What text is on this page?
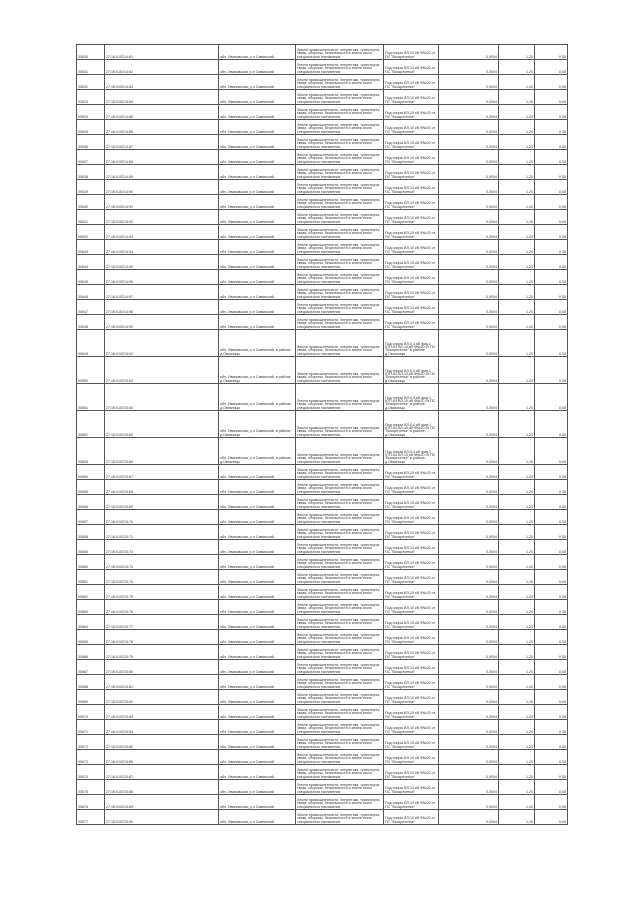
00630	27:16:010214:81	обл. Ивановская, р-н Савинский	Земли промышленности, энергетики, транспорта, связи, обороны, безопасности и земли иного специального назначения	Под опоры ВЛ-10 кВ Ф№20 от ПС "Воскресенье"	0,0004	1,20	0,05
00631	27:16:010214:82	обл. Ивановская, р-н Савинский	Земли промышленности, энергетики, транспорта, связи, обороны, безопасности и земли иного специального назначения	Под опоры ВЛ-10 кВ Ф№20 от ПС "Воскресенье"	0,0004	1,20	0,05
00632	27:16:010214:83	обл. Ивановская, р-н Савинский	Земли промышленности, энергетики, транспорта, связи, обороны, безопасности и земли иного специального назначения	Под опоры ВЛ-10 кВ Ф№20 от ПС "Воскресенье"	0,0004	1,20	0,05
00633	27:16:010214:84	обл. Ивановская, р-н Савинский	Земли промышленности, энергетики, транспорта, связи, обороны, безопасности и земли иного специального назначения	Под опоры ВЛ-10 кВ Ф№20 от ПС "Воскресенье"	0,0004	1,20	0,05
00634	27:16:010214:85	обл. Ивановская, р-н Савинский	Земли промышленности, энергетики, транспорта, связи, обороны, безопасности и земли иного специального назначения	Под опоры ВЛ-10 кВ Ф№20 от ПС "Воскресенье"	0,0004	1,20	0,05
00635	27:16:010214:86	обл. Ивановская, р-н Савинский	Земли промышленности, энергетики, транспорта, связи, обороны, безопасности и земли иного специального назначения	Под опоры ВЛ-10 кВ Ф№20 от ПС "Воскресенье"	0,0004	1,20	0,05
00636	27:16:010214:87	обл. Ивановская, р-н Савинский	Земли промышленности, энергетики, транспорта, связи, обороны, безопасности и земли иного специального назначения	Под опоры ВЛ-10 кВ Ф№20 от ПС "Воскресенье"	0,0004	1,20	0,05
00637	27:16:010214:88	обл. Ивановская, р-н Савинский	Земли промышленности, энергетики, транспорта, связи, обороны, безопасности и земли иного специального назначения	Под опоры ВЛ-10 кВ Ф№20 от ПС "Воскресенье"	0,0004	1,20	0,05
00638	27:16:010214:89	обл. Ивановская, р-н Савинский	Земли промышленности, энергетики, транспорта, связи, обороны, безопасности и земли иного специального назначения	Под опоры ВЛ-10 кВ Ф№20 от ПС "Воскресенье"	0,0004	1,20	0,05
00639	27:16:010214:90	обл. Ивановская, р-н Савинский	Земли промышленности, энергетики, транспорта, связи, обороны, безопасности и земли иного специального назначения	Под опоры ВЛ-10 кВ Ф№20 от ПС "Воскресенье"	0,0004	1,20	0,05
00640	27:16:010214:91	обл. Ивановская, р-н Савинский	Земли промышленности, энергетики, транспорта, связи, обороны, безопасности и земли иного специального назначения	Под опоры ВЛ-10 кВ Ф№20 от ПС "Воскресенье"	0,0004	1,20	0,05
00641	27:16:010214:92	обл. Ивановская, р-н Савинский	Земли промышленности, энергетики, транспорта, связи, обороны, безопасности и земли иного специального назначения	Под опоры ВЛ-10 кВ Ф№20 от ПС "Воскресенье"	0,0004	1,20	0,05
00642	27:16:010214:93	обл. Ивановская, р-н Савинский	Земли промышленности, энергетики, транспорта, связи, обороны, безопасности и земли иного специального назначения	Под опоры ВЛ-10 кВ Ф№20 от ПС "Воскресенье"	0,0004	1,20	0,05
00643	27:16:010214:94	обл. Ивановская, р-н Савинский	Земли промышленности, энергетики, транспорта, связи, обороны, безопасности и земли иного специального назначения	Под опоры ВЛ-10 кВ Ф№20 от ПС "Воскресенье"	0,0004	1,20	0,05
00644	27:16:010214:95	обл. Ивановская, р-н Савинский	Земли промышленности, энергетики, транспорта, связи, обороны, безопасности и земли иного специального назначения	Под опоры ВЛ-10 кВ Ф№20 от ПС "Воскресенье"	0,0004	1,20	0,05
00645	27:16:010214:96	обл. Ивановская, р-н Савинский	Земли промышленности, энергетики, транспорта, связи, обороны, безопасности и земли иного специального назначения	Под опоры ВЛ-10 кВ Ф№20 от ПС "Воскресенье"	0,0004	1,20	0,05
00646	27:16:010214:97	обл. Ивановская, р-н Савинский	Земли промышленности, энергетики, транспорта, связи, обороны, безопасности и земли иного специального назначения	Под опоры ВЛ-10 кВ Ф№20 от ПС "Воскресенье"	0,0004	1,20	0,05
00647	27:16:010214:98	обл. Ивановская, р-н Савинский	Земли промышленности, энергетики, транспорта, связи, обороны, безопасности и земли иного специального назначения	Под опоры ВЛ-10 кВ Ф№20 от ПС "Воскресенье"	0,0004	1,20	0,05
00648	27:16:010214:99	обл. Ивановская, р-н Савинский	Земли промышленности, энергетики, транспорта, связи, обороны, безопасности и земли иного специального назначения	Под опоры ВЛ-10 кВ Ф№20 от ПС "Воскресенье"	0,0004	1,20	0,05
00649	27:16:010215:62	обл. Ивановская, р-н Савинский, в районе д.Овсяницы	Земли промышленности, энергетики, транспорта, связи, обороны, безопасности и земли иного специального назначения	Под опоры ВЛ-0,4 кВ фид.1 КТП-63 ВЛ-10 кВ Ф№20 от ПС "Воскресенье" в районе д.Овсяницы	0,0004	1,20	0,05
00650	27:16:010215:63	обл. Ивановская, р-н Савинский, в районе д.Овсяницы	Земли промышленности, энергетики, транспорта, связи, обороны, безопасности и земли иного специального назначения	Под опоры ВЛ-0,4 кВ фид.1 КТП-63 ВЛ-10 кВ Ф№20 от ПС "Воскресенье" в районе д.Овсяницы	0,0004	1,20	0,05
00651	27:16:010215:64	обл. Ивановская, р-н Савинский, в районе д.Овсяницы	Земли промышленности, энергетики, транспорта, связи, обороны, безопасности и земли иного специального назначения	Под опоры ВЛ-0,4 кВ фид.1 КТП-63 ВЛ-10 кВ Ф№20 от ПС "Воскресенье" в районе д.Овсяницы	0,0004	1,20	0,05
00652	27:16:010215:65	обл. Ивановская, р-н Савинский, в районе д.Овсяницы	Земли промышленности, энергетики, транспорта, связи, обороны, безопасности и земли иного специального назначения	Под опоры ВЛ-0,4 кВ фид.1 КТП-63 ВЛ-10 кВ Ф№20 от ПС "Воскресенье" в районе д.Овсяницы	0,0004	1,20	0,05
00653	27:16:010215:66	обл. Ивановская, р-н Савинский, в районе д.Овсяницы	Земли промышленности, энергетики, транспорта, связи, обороны, безопасности и земли иного специального назначения	Под опоры ВЛ-0,4 кВ фид.1 КТП-63 ВЛ-10 кВ Ф№20 от ПС "Воскресенье" в районе д.Овсяницы	0,0004	1,20	0,05
00654	27:16:010215:67	обл. Ивановская, р-н Савинский	Земли промышленности, энергетики, транспорта, связи, обороны, безопасности и земли иного специального назначения	Под опоры ВЛ-10 кВ Ф№20 от ПС "Воскресенье"	0,0004	1,20	0,05
00655	27:16:010215:68	обл. Ивановская, р-н Савинский	Земли промышленности, энергетики, транспорта, связи, обороны, безопасности и земли иного специального назначения	Под опоры ВЛ-10 кВ Ф№20 от ПС "Воскресенье"	0,0004	1,20	0,05
00656	27:16:010215:69	обл. Ивановская, р-н Савинский	Земли промышленности, энергетики, транспорта, связи, обороны, безопасности и земли иного специального назначения	Под опоры ВЛ-10 кВ Ф№20 от ПС "Воскресенье"	0,0004	1,20	0,05
00657	27:16:010215:70	обл. Ивановская, р-н Савинский	Земли промышленности, энергетики, транспорта, связи, обороны, безопасности и земли иного специального назначения	Под опоры ВЛ-10 кВ Ф№20 от ПС "Воскресенье"	0,0004	1,20	0,05
00658	27:16:010215:71	обл. Ивановская, р-н Савинский	Земли промышленности, энергетики, транспорта, связи, обороны, безопасности и земли иного специального назначения	Под опоры ВЛ-10 кВ Ф№20 от ПС "Воскресенье"	0,0004	1,20	0,05
00659	27:16:010215:72	обл. Ивановская, р-н Савинский	Земли промышленности, энергетики, транспорта, связи, обороны, безопасности и земли иного специального назначения	Под опоры ВЛ-10 кВ Ф№20 от ПС "Воскресенье"	0,0004	1,20	0,05
00660	27:16:010215:73	обл. Ивановская, р-н Савинский	Земли промышленности, энергетики, транспорта, связи, обороны, безопасности и земли иного специального назначения	Под опоры ВЛ-10 кВ Ф№20 от ПС "Воскресенье"	0,0004	1,20	0,05
00661	27:16:010215:74	обл. Ивановская, р-н Савинский	Земли промышленности, энергетики, транспорта, связи, обороны, безопасности и земли иного специального назначения	Под опоры ВЛ-10 кВ Ф№20 от ПС "Воскресенье"	0,0004	1,20	0,05
00662	27:16:010215:75	обл. Ивановская, р-н Савинский	Земли промышленности, энергетики, транспорта, связи, обороны, безопасности и земли иного специального назначения	Под опоры ВЛ-10 кВ Ф№20 от ПС "Воскресенье"	0,0004	1,20	0,05
00663	27:16:010215:76	обл. Ивановская, р-н Савинский	Земли промышленности, энергетики, транспорта, связи, обороны, безопасности и земли иного специального назначения	Под опоры ВЛ-10 кВ Ф№20 от ПС "Воскресенье"	0,0004	1,20	0,05
00664	27:16:010215:77	обл. Ивановская, р-н Савинский	Земли промышленности, энергетики, транспорта, связи, обороны, безопасности и земли иного специального назначения	Под опоры ВЛ-10 кВ Ф№20 от ПС "Воскресенье"	0,0004	1,20	0,05
00665	27:16:010215:78	обл. Ивановская, р-н Савинский	Земли промышленности, энергетики, транспорта, связи, обороны, безопасности и земли иного специального назначения	Под опоры ВЛ-10 кВ Ф№20 от ПС "Воскресенье"	0,0004	1,20	0,05
00666	27:16:010215:79	обл. Ивановская, р-н Савинский	Земли промышленности, энергетики, транспорта, связи, обороны, безопасности и земли иного специального назначения	Под опоры ВЛ-10 кВ Ф№20 от ПС "Воскресенье"	0,0004	1,20	0,05
00667	27:16:010215:80	обл. Ивановская, р-н Савинский	Земли промышленности, энергетики, транспорта, связи, обороны, безопасности и земли иного специального назначения	Под опоры ВЛ-10 кВ Ф№20 от ПС "Воскресенье"	0,0004	1,20	0,05
00668	27:16:010215:81	обл. Ивановская, р-н Савинский	Земли промышленности, энергетики, транспорта, связи, обороны, безопасности и земли иного специального назначения	Под опоры ВЛ-10 кВ Ф№20 от ПС "Воскресенье"	0,0004	1,20	0,05
00669	27:16:010215:82	обл. Ивановская, р-н Савинский	Земли промышленности, энергетики, транспорта, связи, обороны, безопасности и земли иного специального назначения	Под опоры ВЛ-10 кВ Ф№20 от ПС "Воскресенье"	0,0004	1,20	0,05
00670	27:16:010215:83	обл. Ивановская, р-н Савинский	Земли промышленности, энергетики, транспорта, связи, обороны, безопасности и земли иного специального назначения	Под опоры ВЛ-10 кВ Ф№20 от ПС "Воскресенье"	0,0004	1,20	0,05
00671	27:16:010215:84	обл. Ивановская, р-н Савинский	Земли промышленности, энергетики, транспорта, связи, обороны, безопасности и земли иного специального назначения	Под опоры ВЛ-10 кВ Ф№20 от ПС "Воскресенье"	0,0004	1,20	0,05
00672	27:16:010215:85	обл. Ивановская, р-н Савинский	Земли промышленности, энергетики, транспорта, связи, обороны, безопасности и земли иного специального назначения	Под опоры ВЛ-10 кВ Ф№20 от ПС "Воскресенье"	0,0004	1,20	0,05
00673	27:16:010215:86	обл. Ивановская, р-н Савинский	Земли промышленности, энергетики, транспорта, связи, обороны, безопасности и земли иного специального назначения	Под опоры ВЛ-10 кВ Ф№20 от ПС "Воскресенье"	0,0004	1,20	0,05
00674	27:16:010215:87	обл. Ивановская, р-н Савинский	Земли промышленности, энергетики, транспорта, связи, обороны, безопасности и земли иного специального назначения	Под опоры ВЛ-10 кВ Ф№20 от ПС "Воскресенье"	0,0004	1,20	0,05
00675	27:16:010215:88	обл. Ивановская, р-н Савинский	Земли промышленности, энергетики, транспорта, связи, обороны, безопасности и земли иного специального назначения	Под опоры ВЛ-10 кВ Ф№20 от ПС "Воскресенье"	0,0004	1,20	0,05
00676	27:16:010215:89	обл. Ивановская, р-н Савинский	Земли промышленности, энергетики, транспорта, связи, обороны, безопасности и земли иного специального назначения	Под опоры ВЛ-10 кВ Ф№20 от ПС "Воскресенье"	0,0004	1,20	0,05
00677	27:16:010215:90	обл. Ивановская, р-н Савинский	Земли промышленности, энергетики, транспорта, связи, обороны, безопасности и земли иного специального назначения	Под опоры ВЛ-10 кВ Ф№20 от ПС "Воскресенье"	0,0004	1,20	0,05
